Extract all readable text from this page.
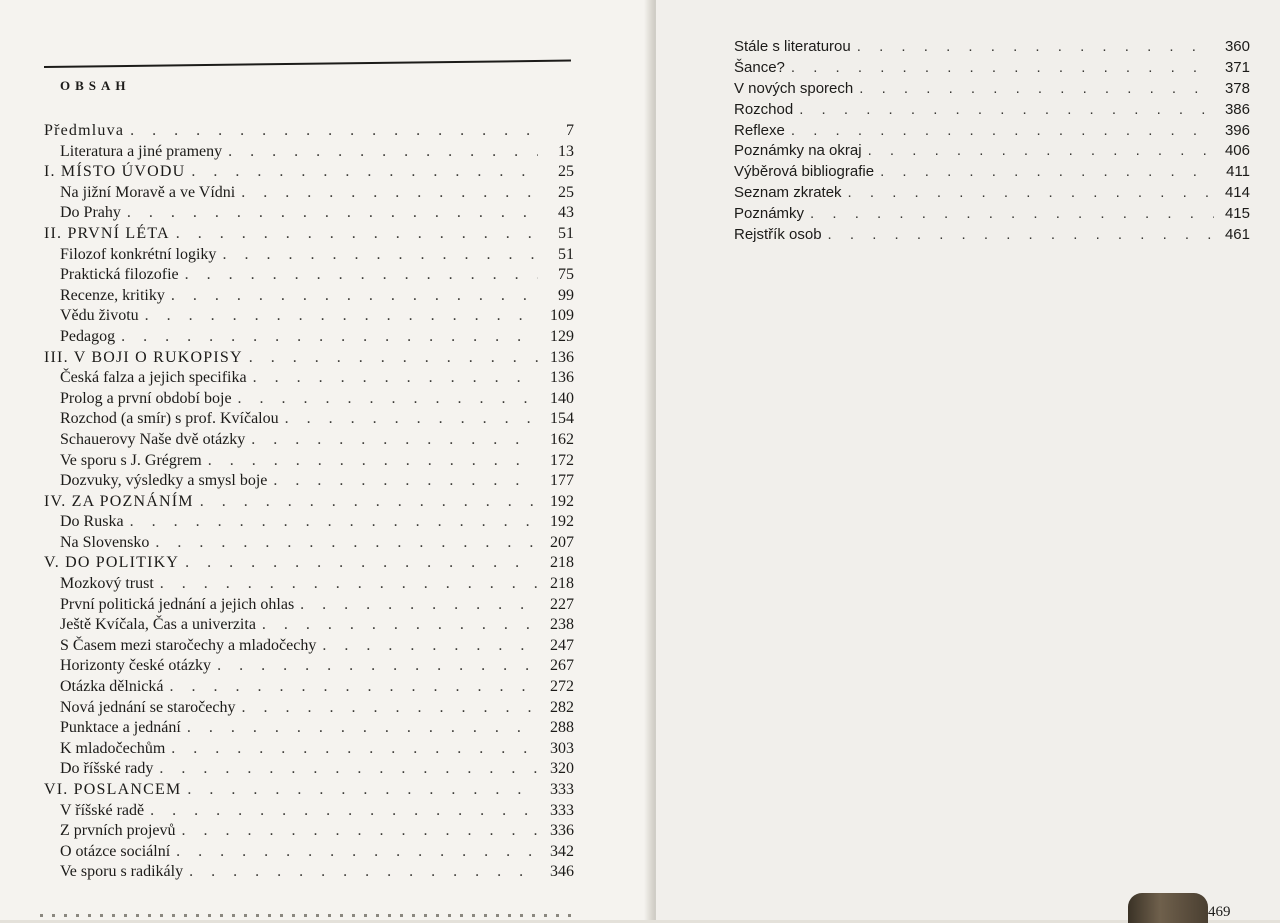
OBSAH
Předmluva . . .	7
Literatura a jiné prameny . . .	13
I. MÍSTO ÚVODU . . .	25
Na jižní Moravě a ve Vídni . . .	25
Do Prahy . . .	43
II. PRVNÍ LÉTA . . .	51
Filozof konkrétní logiky . . .	51
Praktická filozofie . . .	75
Recenze, kritiky . . .	99
Vědu životu . . .	109
Pedagog . . .	129
III. V BOJI O RUKOPISY . . .	136
Česká falza a jejich specifika . . .	136
Prolog a první období boje . . .	140
Rozchod (a smír) s prof. Kvíčalou . . .	154
Schauerovy Naše dvě otázky . . .	162
Ve sporu s J. Grégrem . . .	172
Dozvuky, výsledky a smysl boje . . .	177
IV. ZA POZNÁNÍM . . .	192
Do Ruska . . .	192
Na Slovensko . . .	207
V. DO POLITIKY . . .	218
Mozkový trust . . .	218
První politická jednání a jejich ohlas . . .	227
Ještě Kvíčala, Čas a univerzita . . .	238
S Časem mezi staročechy a mladočechy . . .	247
Horizonty české otázky . . .	267
Otázka dělnická . . .	272
Nová jednání se staročechy . . .	282
Punktace a jednání . . .	288
K mladočechům . . .	303
Do říšské rady . . .	320
VI. POSLANCEM . . .	333
V říšské radě . . .	333
Z prvních projevů . . .	336
O otázce sociální . . .	342
Ve sporu s radikály . . .	346
Stále s literaturou . . .	360
Šance? . . .	371
V nových sporech . . .	378
Rozchod . . .	386
Reflexe . . .	396
Poznámky na okraj . . .	406
Výběrová bibliografie . . .	411
Seznam zkratek . . .	414
Poznámky . . .	415
Rejstřík osob . . .	461
469
